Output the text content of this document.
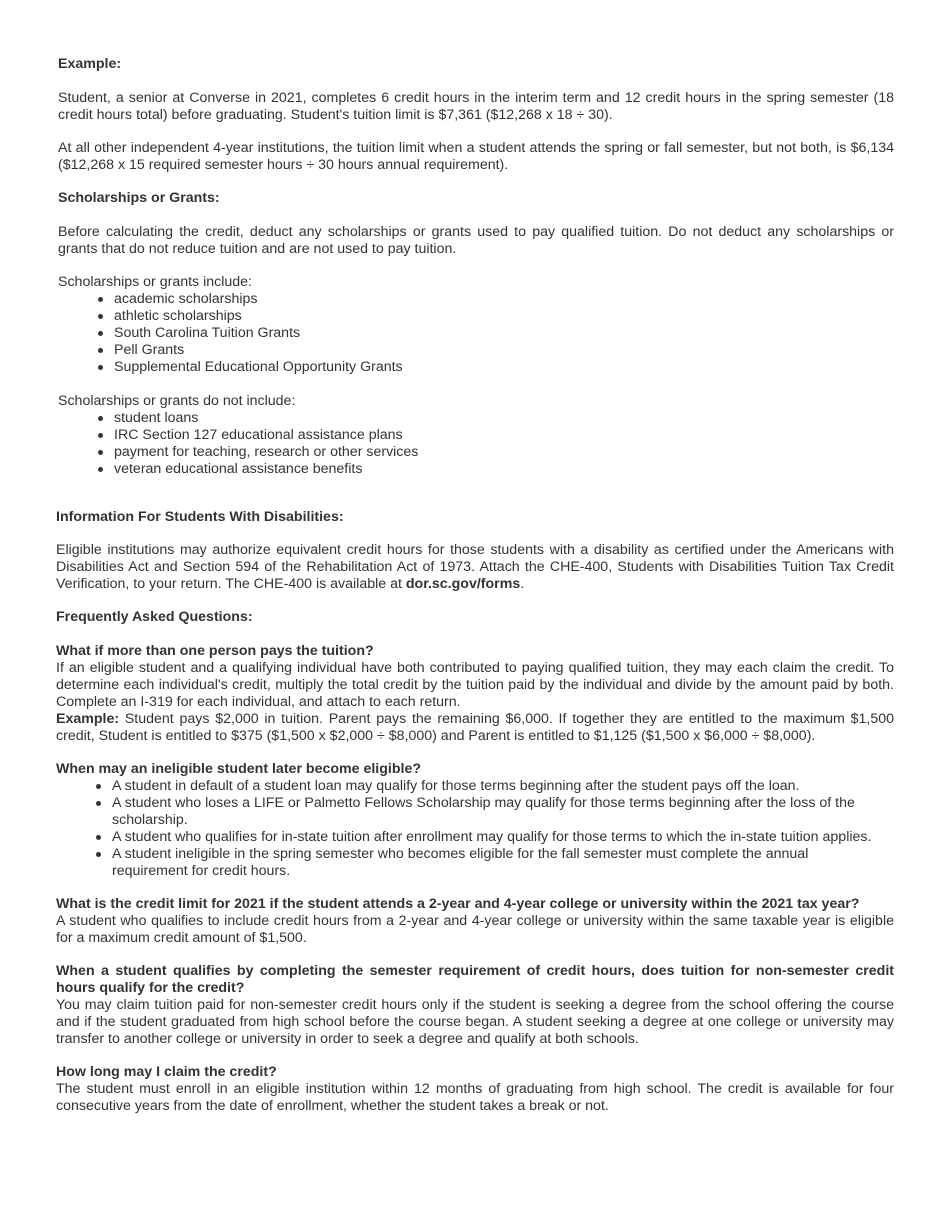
Example:

Student, a senior at Converse in 2021, completes 6 credit hours in the interim term and 12 credit hours in the spring semester (18 credit hours total) before graduating. Student's tuition limit is $7,361 ($12,268 x 18 ÷ 30).

At all other independent 4-year institutions, the tuition limit when a student attends the spring or fall semester, but not both, is $6,134 ($12,268 x 15 required semester hours ÷ 30 hours annual requirement).

Scholarships or Grants:

Before calculating the credit, deduct any scholarships or grants used to pay qualified tuition. Do not deduct any scholarships or grants that do not reduce tuition and are not used to pay tuition.

Scholarships or grants include:

academic scholarships
athletic scholarships
South Carolina Tuition Grants
Pell Grants
Supplemental Educational Opportunity Grants

Scholarships or grants do not include:

student loans
IRC Section 127 educational assistance plans
payment for teaching, research or other services
veteran educational assistance benefits

Information For Students With Disabilities:

Eligible institutions may authorize equivalent credit hours for those students with a disability as certified under the Americans with Disabilities Act and Section 594 of the Rehabilitation Act of 1973. Attach the CHE-400, Students with Disabilities Tuition Tax Credit Verification, to your return. The CHE-400 is available at dor.sc.gov/forms.

Frequently Asked Questions:

What if more than one person pays the tuition?

If an eligible student and a qualifying individual have both contributed to paying qualified tuition, they may each claim the credit. To determine each individual's credit, multiply the total credit by the tuition paid by the individual and divide by the amount paid by both. Complete an I-319 for each individual, and attach to each return.

Example: Student pays $2,000 in tuition. Parent pays the remaining $6,000. If together they are entitled to the maximum $1,500 credit, Student is entitled to $375 ($1,500 x $2,000 ÷ $8,000) and Parent is entitled to $1,125 ($1,500 x $6,000 ÷ $8,000).

When may an ineligible student later become eligible?

A student in default of a student loan may qualify for those terms beginning after the student pays off the loan.
A student who loses a LIFE or Palmetto Fellows Scholarship may qualify for those terms beginning after the loss of the scholarship.
A student who qualifies for in-state tuition after enrollment may qualify for those terms to which the in-state tuition applies.
A student ineligible in the spring semester who becomes eligible for the fall semester must complete the annual requirement for credit hours.

What is the credit limit for 2021 if the student attends a 2-year and 4-year college or university within the 2021 tax year?

A student who qualifies to include credit hours from a 2-year and 4-year college or university within the same taxable year is eligible for a maximum credit amount of $1,500.

When a student qualifies by completing the semester requirement of credit hours, does tuition for non-semester credit hours qualify for the credit?

You may claim tuition paid for non-semester credit hours only if the student is seeking a degree from the school offering the course and if the student graduated from high school before the course began. A student seeking a degree at one college or university may transfer to another college or university in order to seek a degree and qualify at both schools.

How long may I claim the credit?

The student must enroll in an eligible institution within 12 months of graduating from high school. The credit is available for four consecutive years from the date of enrollment, whether the student takes a break or not.
